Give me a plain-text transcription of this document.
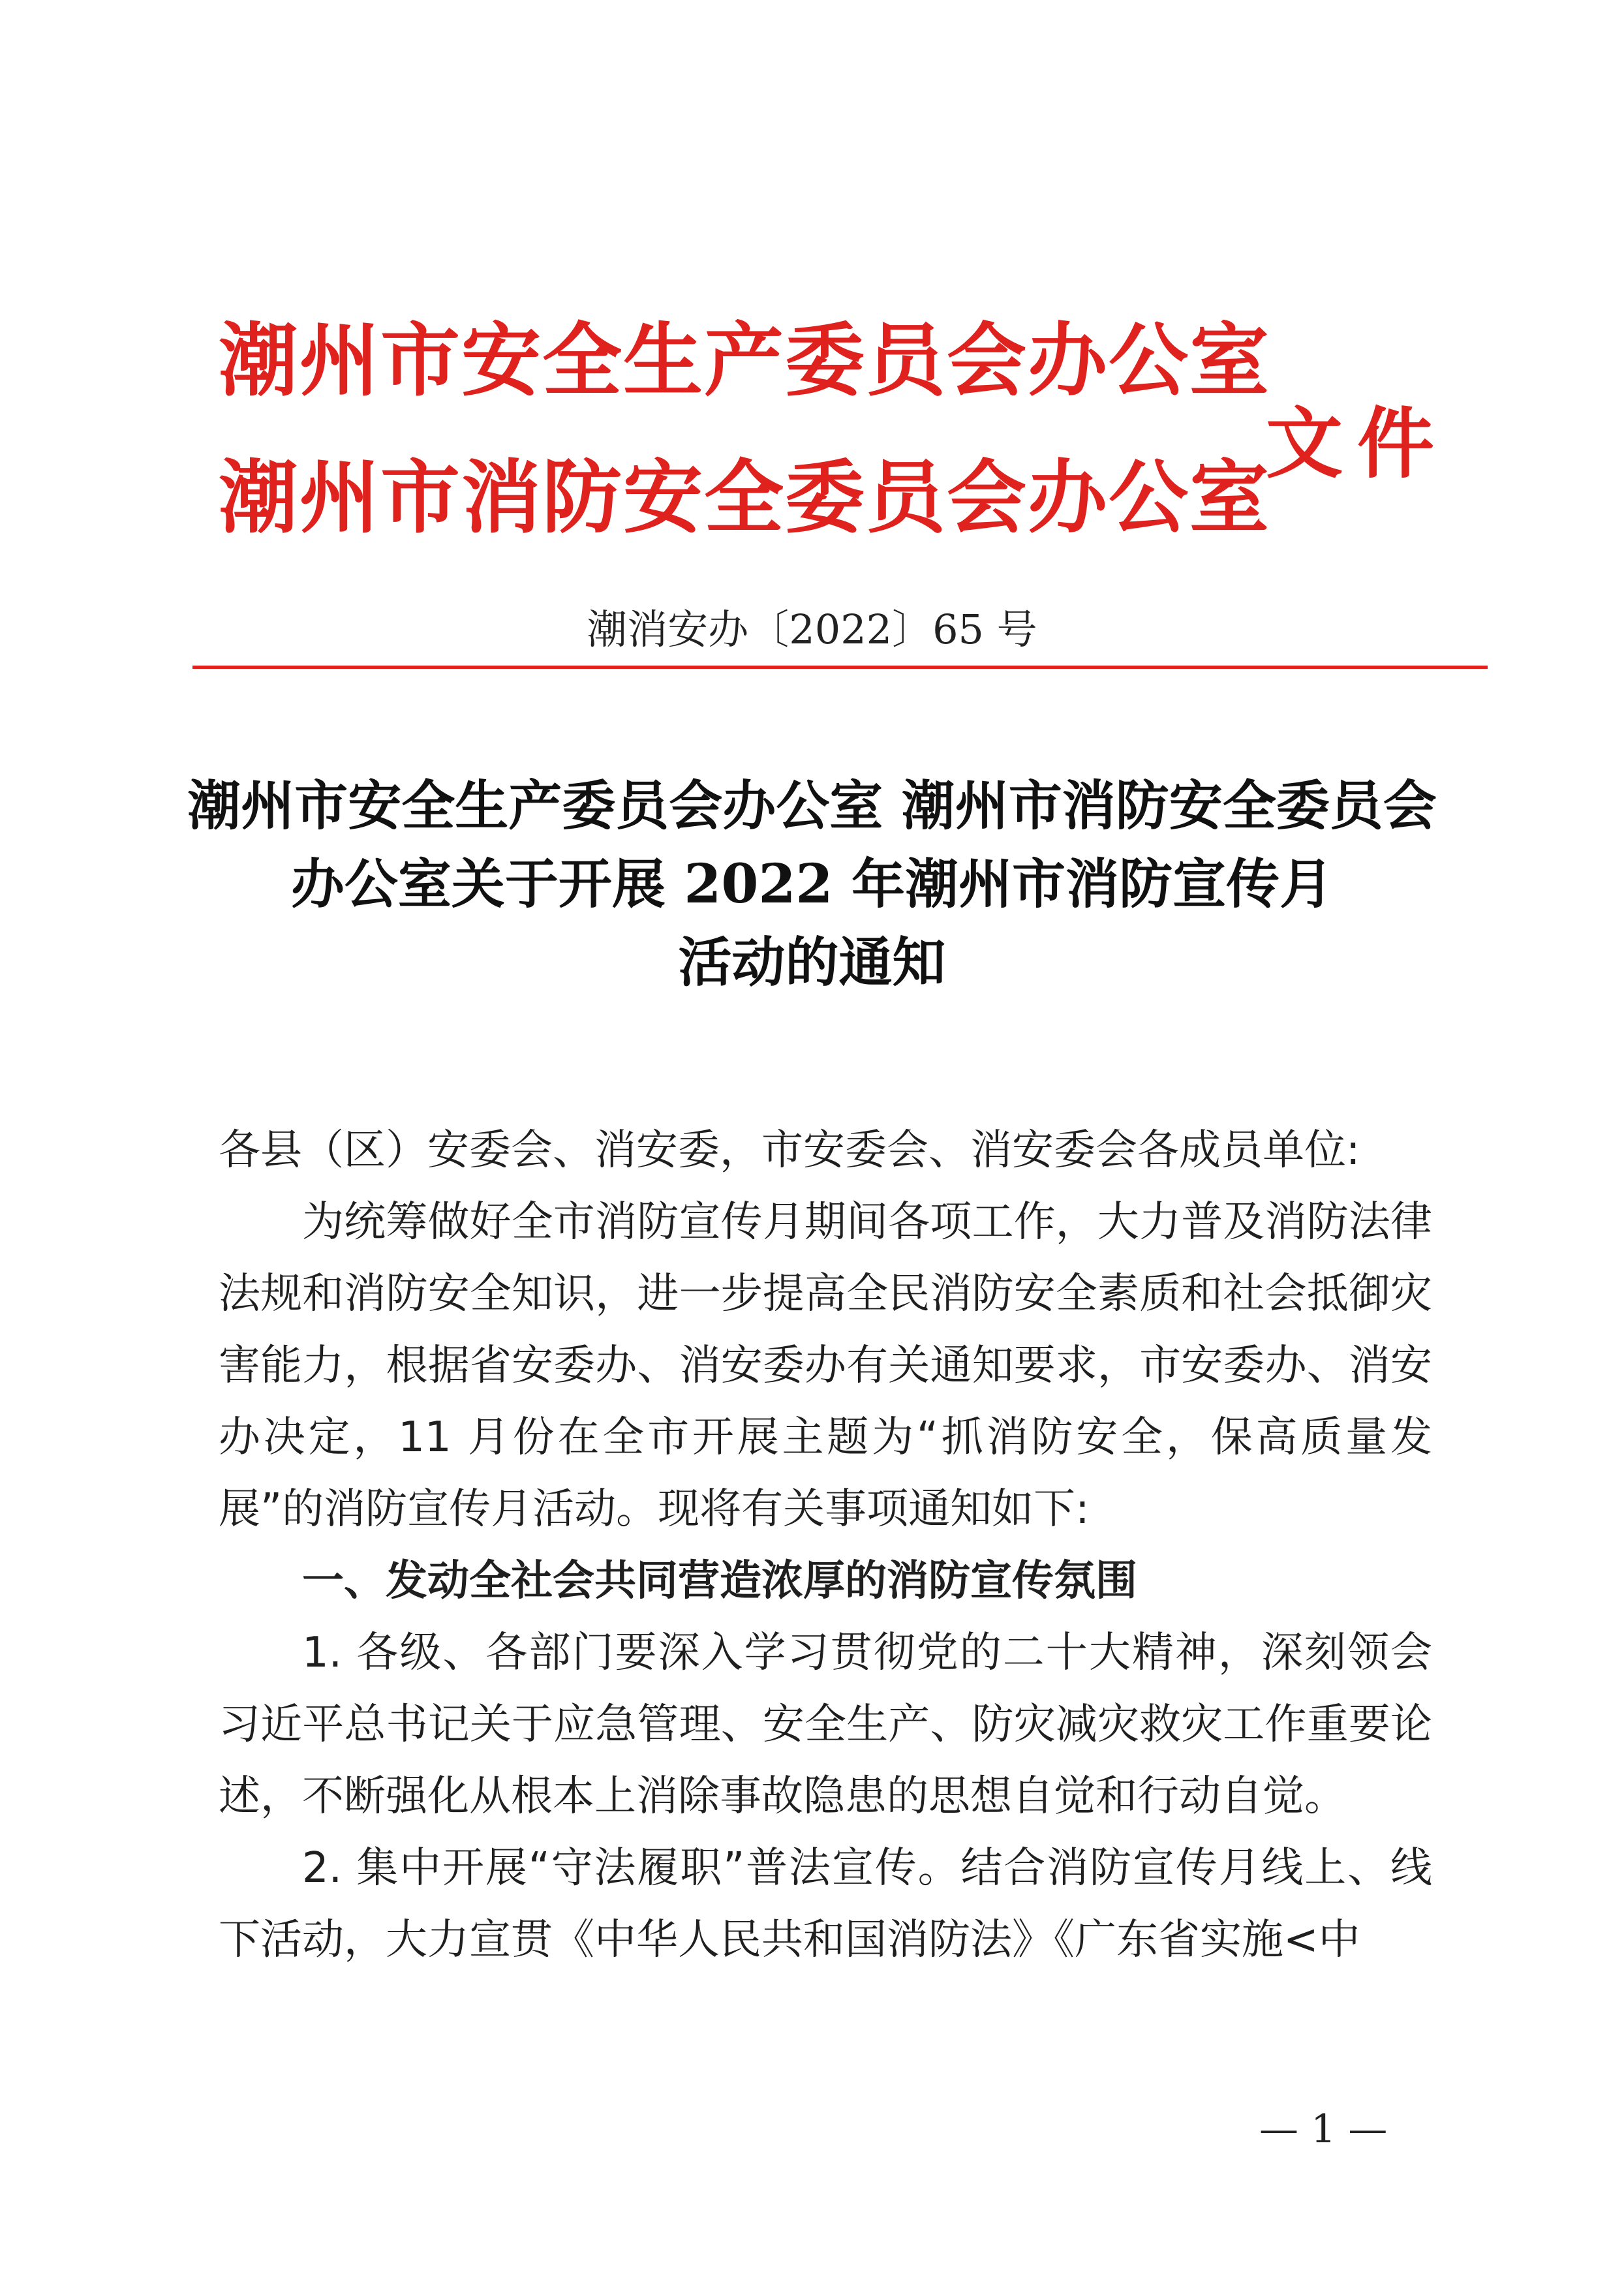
潮州市安全生产委员会办公室
潮州市消防安全委员会办公室
文件
潮消安办〔2022〕65 号
潮州市安全生产委员会办公室 潮州市消防安全委员会
办公室关于开展 2022 年潮州市消防宣传月
活动的通知

各县（区）安委会、消安委，市安委会、消安委会各成员单位:

为统筹做好全市消防宣传月期间各项工作，大力普及消防法律法规和消防安全知识，进一步提高全民消防安全素质和社会抵御灾害能力，根据省安委办、消安委办有关通知要求，市安委办、消安办决定，11 月份在全市开展主题为“抓消防安全，保高质量发展”的消防宣传月活动。现将有关事项通知如下:

一、发动全社会共同营造浓厚的消防宣传氛围

1. 各级、各部门要深入学习贯彻党的二十大精神，深刻领会习近平总书记关于应急管理、安全生产、防灾减灾救灾工作重要论述，不断强化从根本上消除事故隐患的思想自觉和行动自觉。

2. 集中开展“守法履职”普法宣传。结合消防宣传月线上、线下活动，大力宣贯《中华人民共和国消防法》《广东省实施<中

— 1 —
